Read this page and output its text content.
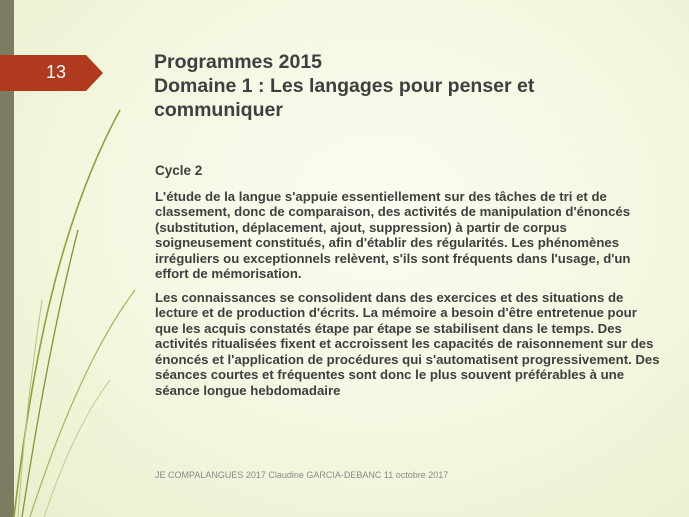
13	Programmes 2015
Domaine 1 : Les langages pour penser et
communiquer
Cycle 2

L'étude de la langue s'appuie essentiellement sur des tâches de tri et de classement, donc de comparaison, des activités de manipulation d'énoncés (substitution, déplacement, ajout, suppression) à partir de corpus soigneusement constitués, afin d'établir des régularités. Les phénomènes irréguliers ou exceptionnels relèvent, s'ils sont fréquents dans l'usage, d'un effort de mémorisation.

Les connaissances se consolident dans des exercices et des situations de lecture et de production d'écrits. La mémoire a besoin d'être entretenue pour que les acquis constatés étape par étape se stabilisent dans le temps. Des activités ritualisées fixent et accroissent les capacités de raisonnement sur des énoncés et l'application de procédures qui s'automatisent progressivement. Des séances courtes et fréquentes sont donc le plus souvent préférables à une séance longue hebdomadaire

JE COMPALANGUES 2017 Claudine GARCIA-DEBANC 11 octobre 2017
